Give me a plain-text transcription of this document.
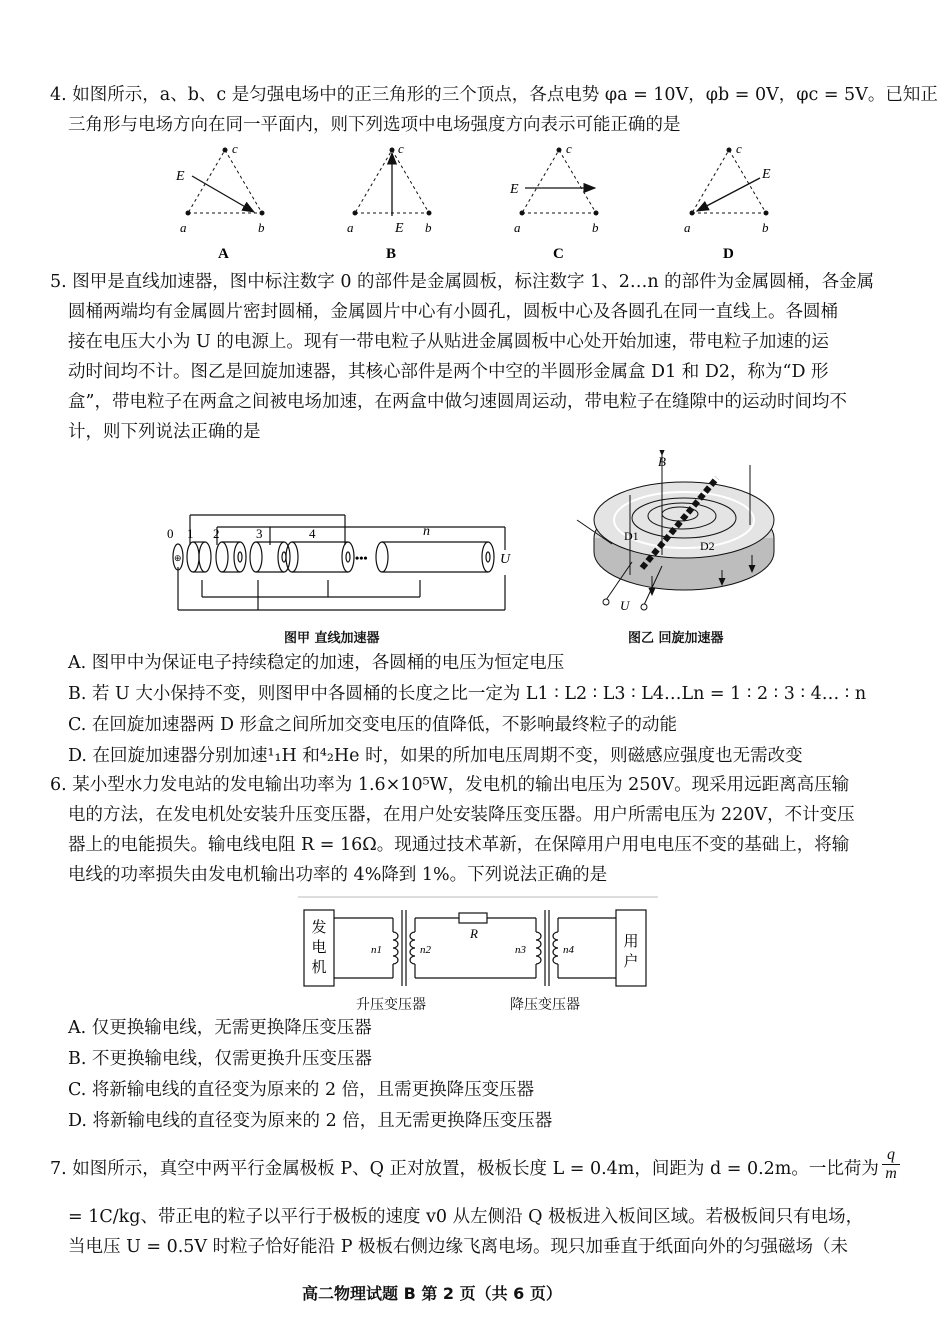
4. 如图所示，a、b、c 是匀强电场中的正三角形的三个顶点，各点电势 φa = 10V，φb = 0V，φc = 5V。已知正
三角形与电场方向在同一平面内，则下列选项中电场强度方向表示可能正确的是
c
E
a	b
A
c
a	E b
B
c
E
a	b
C
c
E
a	b
D
5. 图甲是直线加速器，图中标注数字 0 的部件是金属圆板，标注数字 1、2…n 的部件为金属圆桶，各金属
圆桶两端均有金属圆片密封圆桶，金属圆片中心有小圆孔，圆板中心及各圆孔在同一直线上。各圆桶
接在电压大小为 U 的电源上。现有一带电粒子从贴进金属圆板中心处开始加速，带电粒子加速的运
动时间均不计。图乙是回旋加速器，其核心部件是两个中空的半圆形金属盒 D1 和 D2，称为“D 形
盒”，带电粒子在两盒之间被电场加速，在两盒中做匀速圆周运动，带电粒子在缝隙中的运动时间均不
计，则下列说法正确的是
⊕	•••
0 1 2	3	4	n
U
图甲 直线加速器
B
D1
D2
U
图乙 回旋加速器
A. 图甲中为保证电子持续稳定的加速，各圆桶的电压为恒定电压
B. 若 U 大小保持不变，则图甲中各圆桶的长度之比一定为 L1 ∶ L2 ∶ L3 ∶ L4…Ln = 1 ∶ 2 ∶ 3 ∶ 4… ∶ n
C. 在回旋加速器两 D 形盒之间所加交变电压的值降低，不影响最终粒子的动能
D. 在回旋加速器分别加速¹₁H 和⁴₂He 时，如果的所加电压周期不变，则磁感应强度也无需改变
6. 某小型水力发电站的发电输出功率为 1.6×10⁵W，发电机的输出电压为 250V。现采用远距离高压输
电的方法，在发电机处安装升压变压器，在用户处安装降压变压器。用户所需电压为 220V，不计变压
器上的电能损失。输电线电阻 R = 16Ω。现通过技术革新，在保障用户用电电压不变的基础上，将输
电线的功率损失由发电机输出功率的 4%降到 1%。下列说法正确的是
发
电
机
用
户
R
n1	n2	n3	n4
升压变压器	降压变压器
A. 仅更换输电线，无需更换降压变压器
B. 不更换输电线，仅需更换升压变压器
C. 将新输电线的直径变为原来的 2 倍，且需更换降压变压器
D. 将新输电线的直径变为原来的 2 倍，且无需更换降压变压器
7. 如图所示，真空中两平行金属极板 P、Q 正对放置，极板长度 L = 0.4m，间距为 d = 0.2m。一比荷为 $\frac{q}{m}$
= 1C/kg、带正电的粒子以平行于极板的速度 v0 从左侧沿 Q 极板进入板间区域。若极板间只有电场，
当电压 U = 0.5V 时粒子恰好能沿 P 极板右侧边缘飞离电场。现只加垂直于纸面向外的匀强磁场（未
高二物理试题 B 第 2 页（共 6 页）
